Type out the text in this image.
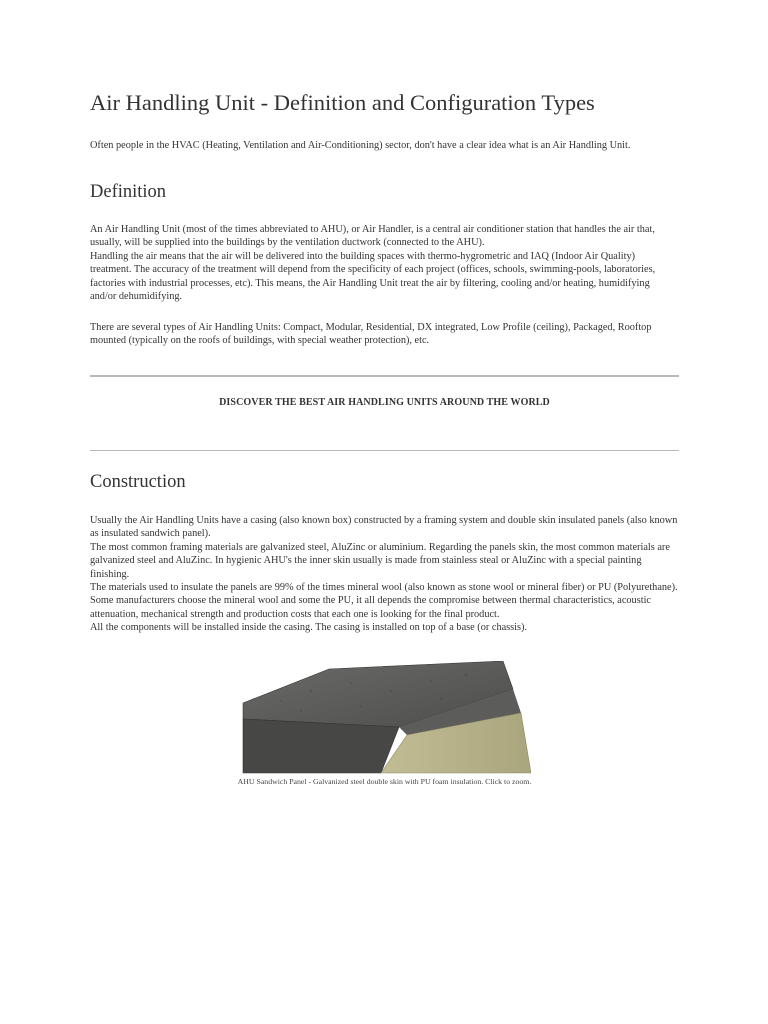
Air Handling Unit - Definition and Configuration Types

Often people in the HVAC (Heating, Ventilation and Air-Conditioning) sector, don't have a clear idea what is an Air Handling Unit.

Definition

An Air Handling Unit (most of the times abbreviated to AHU), or Air Handler, is a central air conditioner station that handles the air that, usually, will be supplied into the buildings by the ventilation ductwork (connected to the AHU).

Handling the air means that the air will be delivered into the building spaces with thermo-hygrometric and IAQ (Indoor Air Quality) treatment. The accuracy of the treatment will depend from the specificity of each project (offices, schools, swimming-pools, laboratories, factories with industrial processes, etc). This means, the Air Handling Unit treat the air by filtering, cooling and/or heating, humidifying and/or dehumidifying.

There are several types of Air Handling Units: Compact, Modular, Residential, DX integrated, Low Profile (ceiling), Packaged, Rooftop mounted (typically on the roofs of buildings, with special weather protection), etc.

DISCOVER THE BEST AIR HANDLING UNITS AROUND THE WORLD
Construction

Usually the Air Handling Units have a casing (also known box) constructed by a framing system and double skin insulated panels (also known as insulated sandwich panel).

The most common framing materials are galvanized steel, AluZinc or aluminium. Regarding the panels skin, the most common materials are galvanized steel and AluZinc. In hygienic AHU's the inner skin usually is made from stainless steal or AluZinc with a special painting finishing.

The materials used to insulate the panels are 99% of the times mineral wool (also known as stone wool or mineral fiber) or PU (Polyurethane). Some manufacturers choose the mineral wool and some the PU, it all depends the compromise between thermal characteristics, acoustic attenuation, mechanical strength and production costs that each one is looking for the final product.

All the components will be installed inside the casing. The casing is installed on top of a base (or chassis).

AHU Sandwich Panel - Galvanized steel double skin with PU foam insulation. Click to zoom.
